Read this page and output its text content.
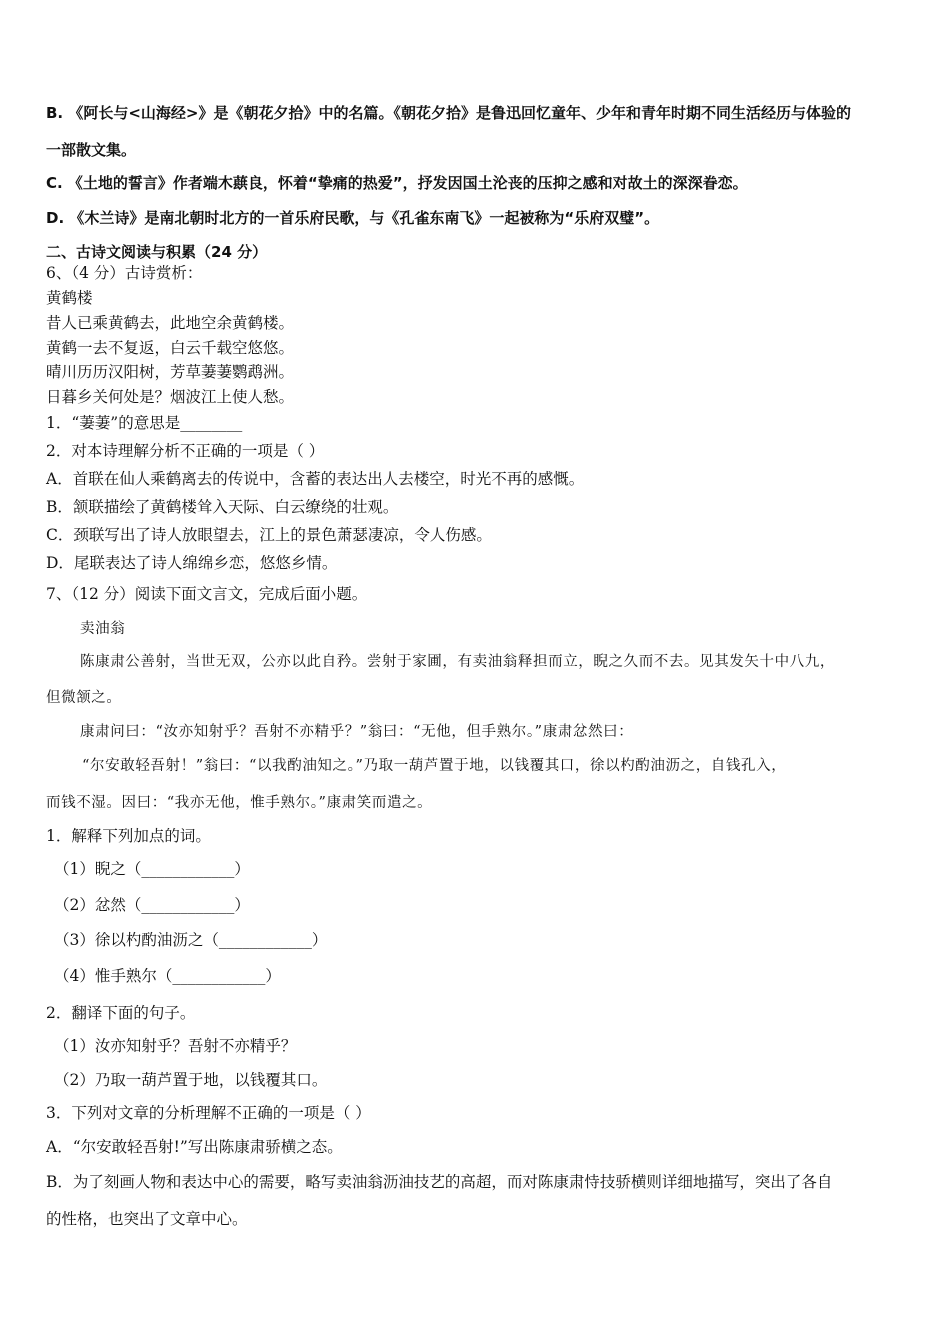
B. 《阿长与<山海经>》是《朝花夕拾》中的名篇。《朝花夕拾》是鲁迅回忆童年、少年和青年时期不同生活经历与体验的
一部散文集。
C. 《土地的誓言》作者端木蕻良，怀着“挚痛的热爱”，抒发因国土沦丧的压抑之感和对故土的深深眷恋。
D. 《木兰诗》是南北朝时北方的一首乐府民歌，与《孔雀东南飞》一起被称为“乐府双璧”。
二、古诗文阅读与积累（24 分）
6、（4 分）古诗赏析：
黄鹤楼
昔人已乘黄鹤去，此地空余黄鹤楼。
黄鹤一去不复返，白云千载空悠悠。
晴川历历汉阳树，芳草萋萋鹦鹉洲。
日暮乡关何处是？烟波江上使人愁。
1．“萋萋”的意思是________
2．对本诗理解分析不正确的一项是（ ）
A．首联在仙人乘鹤离去的传说中，含蓄的表达出人去楼空，时光不再的感慨。
B．颔联描绘了黄鹤楼耸入天际、白云缭绕的壮观。
C．颈联写出了诗人放眼望去，江上的景色萧瑟凄凉，令人伤感。
D．尾联表达了诗人绵绵乡恋，悠悠乡情。
7、（12 分）阅读下面文言文，完成后面小题。
卖油翁
陈康肃公善射，当世无双，公亦以此自矜。尝射于家圃，有卖油翁释担而立，睨之久而不去。见其发矢十中八九，
但微颔之。
康肃问曰：“汝亦知射乎？吾射不亦精乎？”翁曰：“无他，但手熟尔。”康肃忿然曰：
“尔安敢轻吾射！”翁曰：“以我酌油知之。”乃取一葫芦置于地，以钱覆其口，徐以杓酌油沥之，自钱孔入，
而钱不湿。因曰：“我亦无他，惟手熟尔。”康肃笑而遣之。
1．解释下列加点的词。
（1）睨之（____________）
（2）忿然（____________）
（3）徐以杓酌油沥之（____________）
（4）惟手熟尔（____________）
2．翻译下面的句子。
（1）汝亦知射乎？吾射不亦精乎？
（2）乃取一葫芦置于地，以钱覆其口。
3．下列对文章的分析理解不正确的一项是（ ）
A．“尔安敢轻吾射!”写出陈康肃骄横之态。
B．为了刻画人物和表达中心的需要，略写卖油翁沥油技艺的高超，而对陈康肃恃技骄横则详细地描写，突出了各自
的性格，也突出了文章中心。
